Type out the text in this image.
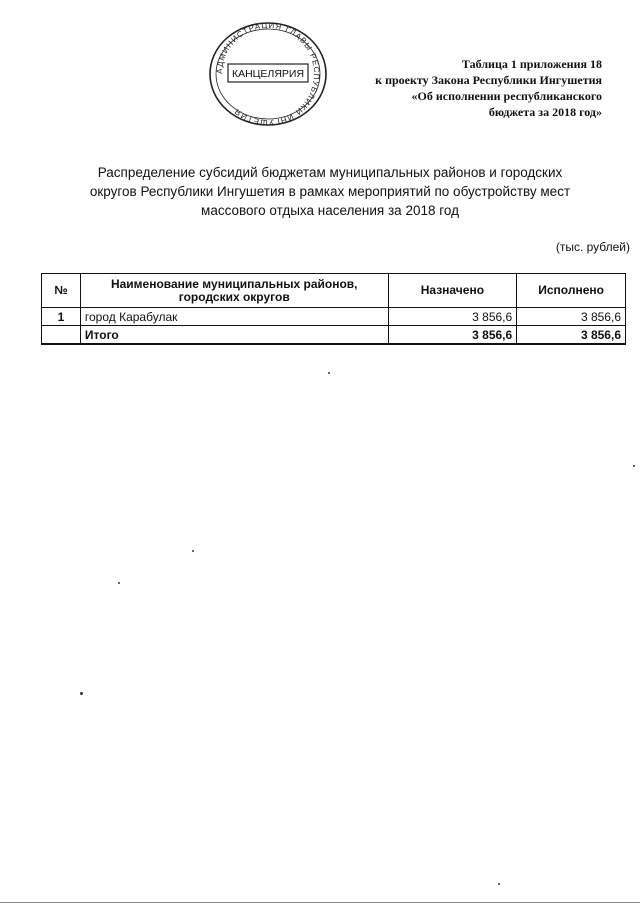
АДМИНИСТРАЦИЯ ГЛАВЫ РЕСПУБЛИКИ ИНГУШЕТИЯ
КАНЦЕЛЯРИЯ
Таблица 1 приложения 18
к проекту Закона Республики Ингушетия
«Об исполнении республиканского
бюджета за 2018 год»
Распределение субсидий бюджетам муниципальных районов и городских
округов Республики Ингушетия в рамках мероприятий по обустройству мест
массового отдыха населения за 2018 год
(тыс. рублей)
№	Наименование муниципальных районов, городских округов	Назначено	Исполнено
1	город Карабулак	3 856,6	3 856,6
	Итого	3 856,6	3 856,6
